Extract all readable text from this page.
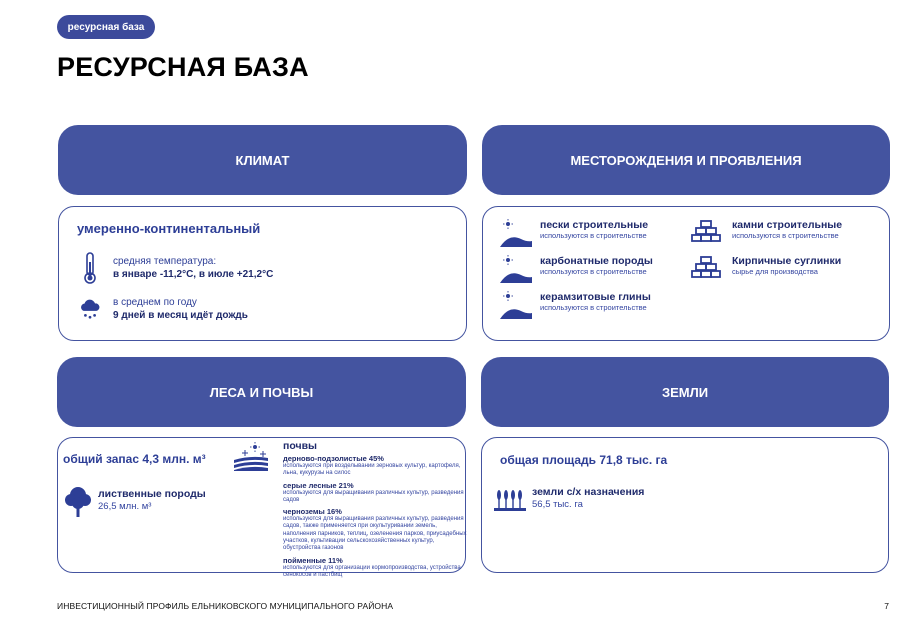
ресурсная база
РЕСУРСНАЯ БАЗА
КЛИМАТ
умеренно-континентальный
средняя температура:
в январе -11,2°С, в июле +21,2°С
в среднем по году
9 дней в месяц идёт дождь
МЕСТОРОЖДЕНИЯ И ПРОЯВЛЕНИЯ
пески строительные
используются в строительстве
карбонатные породы
используются в строительстве
керамзитовые глины
используются в строительстве
камни строительные
используются в строительстве
Кирпичные суглинки
сырье для производства
ЛЕСА И ПОЧВЫ
общий запас 4,3 млн. м³
лиственные породы
26,5 млн. м³
почвы
дерново-подзолистые 45%
используются при возделывании зерновых культур, картофеля, льна, кукурузы на силос
серые лесные 21%
используются для выращивания различных культур, разведения садов
черноземы 16%
используются для выращивания различных культур, разведения садов, также применяется при окультуривании земель, наполнения парников, теплиц, озеленения парков, приусадебных участков, культивации сельскохозяйственных культур, обустройства газонов
пойменные 11%
используются для организации кормопроизводства, устройства сенокосов и пастбищ
ЗЕМЛИ
общая площадь 71,8 тыс. га
земли с/х назначения
56,5 тыс. га
ИНВЕСТИЦИОННЫЙ ПРОФИЛЬ ЕЛЬНИКОВСКОГО МУНИЦИПАЛЬНОГО РАЙОНА	7
